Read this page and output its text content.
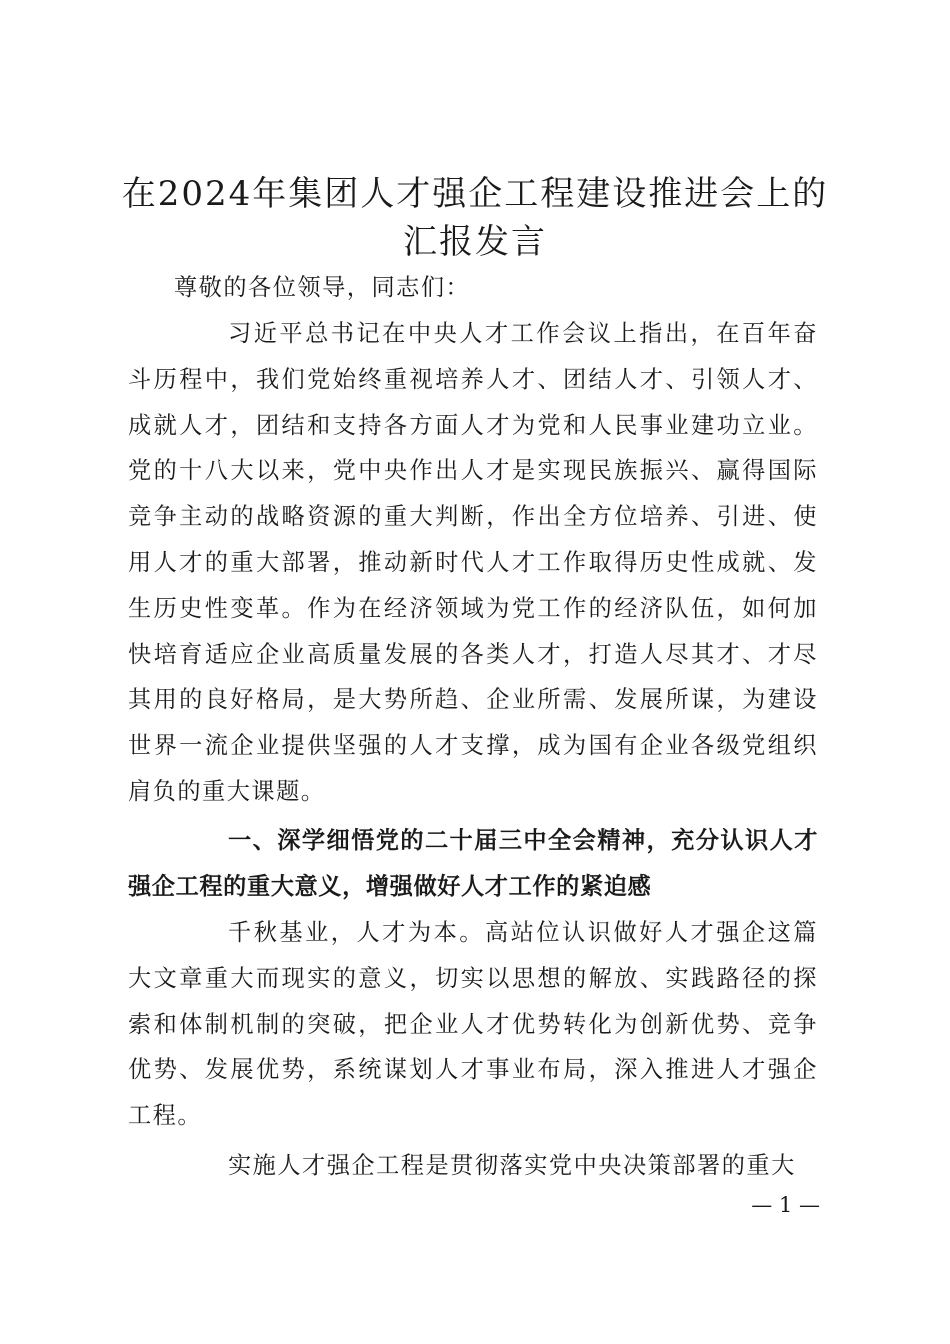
在2024年集团人才强企工程建设推进会上的
汇报发言

尊敬的各位领导，同志们：

习近平总书记在中央人才工作会议上指出，在百年奋斗历程中，我们党始终重视培养人才、团结人才、引领人才、成就人才，团结和支持各方面人才为党和人民事业建功立业。党的十八大以来，党中央作出人才是实现民族振兴、赢得国际竞争主动的战略资源的重大判断，作出全方位培养、引进、使用人才的重大部署，推动新时代人才工作取得历史性成就、发生历史性变革。作为在经济领域为党工作的经济队伍，如何加快培育适应企业高质量发展的各类人才，打造人尽其才、才尽其用的良好格局，是大势所趋、企业所需、发展所谋，为建设世界一流企业提供坚强的人才支撑，成为国有企业各级党组织肩负的重大课题。

一、深学细悟党的二十届三中全会精神，充分认识人才强企工程的重大意义，增强做好人才工作的紧迫感

千秋基业，人才为本。高站位认识做好人才强企这篇大文章重大而现实的意义，切实以思想的解放、实践路径的探索和体制机制的突破，把企业人才优势转化为创新优势、竞争优势、发展优势，系统谋划人才事业布局，深入推进人才强企工程。

实施人才强企工程是贯彻落实党中央决策部署的重大

— 1 —
